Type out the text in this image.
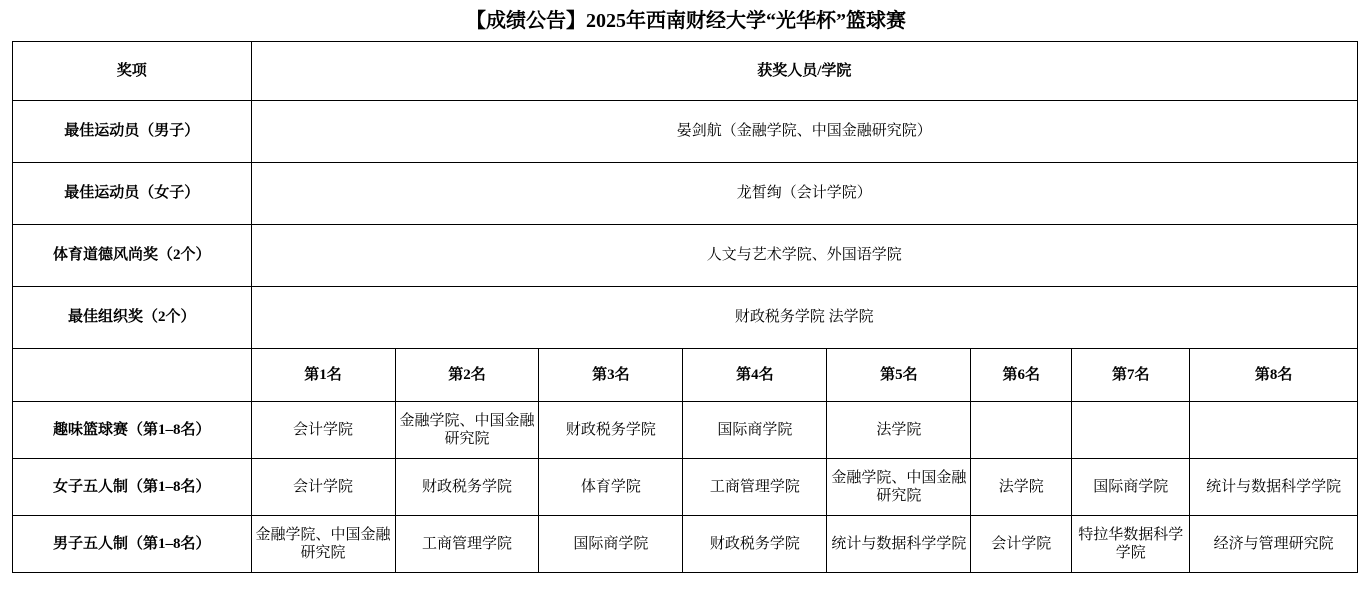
【成绩公告】2025年西南财经大学“光华杯”篮球赛
奖项	获奖人员/学院							
最佳运动员（男子）	晏剑航（金融学院、中国金融研究院）							
最佳运动员（女子）	龙皙绚（会计学院）							
体育道德风尚奖（2个）	人文与艺术学院、外国语学院							
最佳组织奖（2个）	财政税务学院 法学院							
	第1名	第2名	第3名	第4名	第5名	第6名	第7名	第8名
趣味篮球赛（第1–8名）	会计学院	金融学院、中国金融研究院	财政税务学院	国际商学院	法学院			
女子五人制（第1–8名）	会计学院	财政税务学院	体育学院	工商管理学院	金融学院、中国金融研究院	法学院	国际商学院	统计与数据科学学院
男子五人制（第1–8名）	金融学院、中国金融研究院	工商管理学院	国际商学院	财政税务学院	统计与数据科学学院	会计学院	特拉华数据科学学院	经济与管理研究院
